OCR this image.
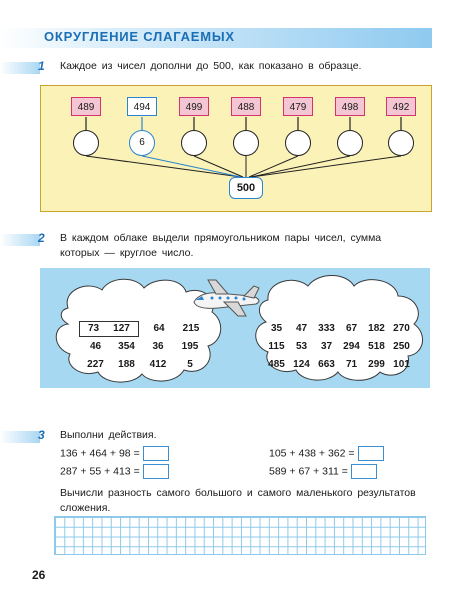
ОКРУГЛЕНИЕ СЛАГАЕМЫХ
1 Каждое из чисел дополни до 500, как показано в образце.
489	494	499	488	479	498	492
6
500
2 В каждом облаке выдели прямоугольником пары чисел, сумма которых — круглое число.
73	127	64	215
46	354	36	195
227	188	412	5
35	47	333	67	182 270
115	53	37	294 518 250
485 124 663	71	299 101
3 Выполни действия.
136 + 464 + 98 =
287 + 55 + 413 =
105 + 438 + 362 =
589 + 67 + 311 =
Вычисли разность самого большого и самого маленького результатов сложения.
26
